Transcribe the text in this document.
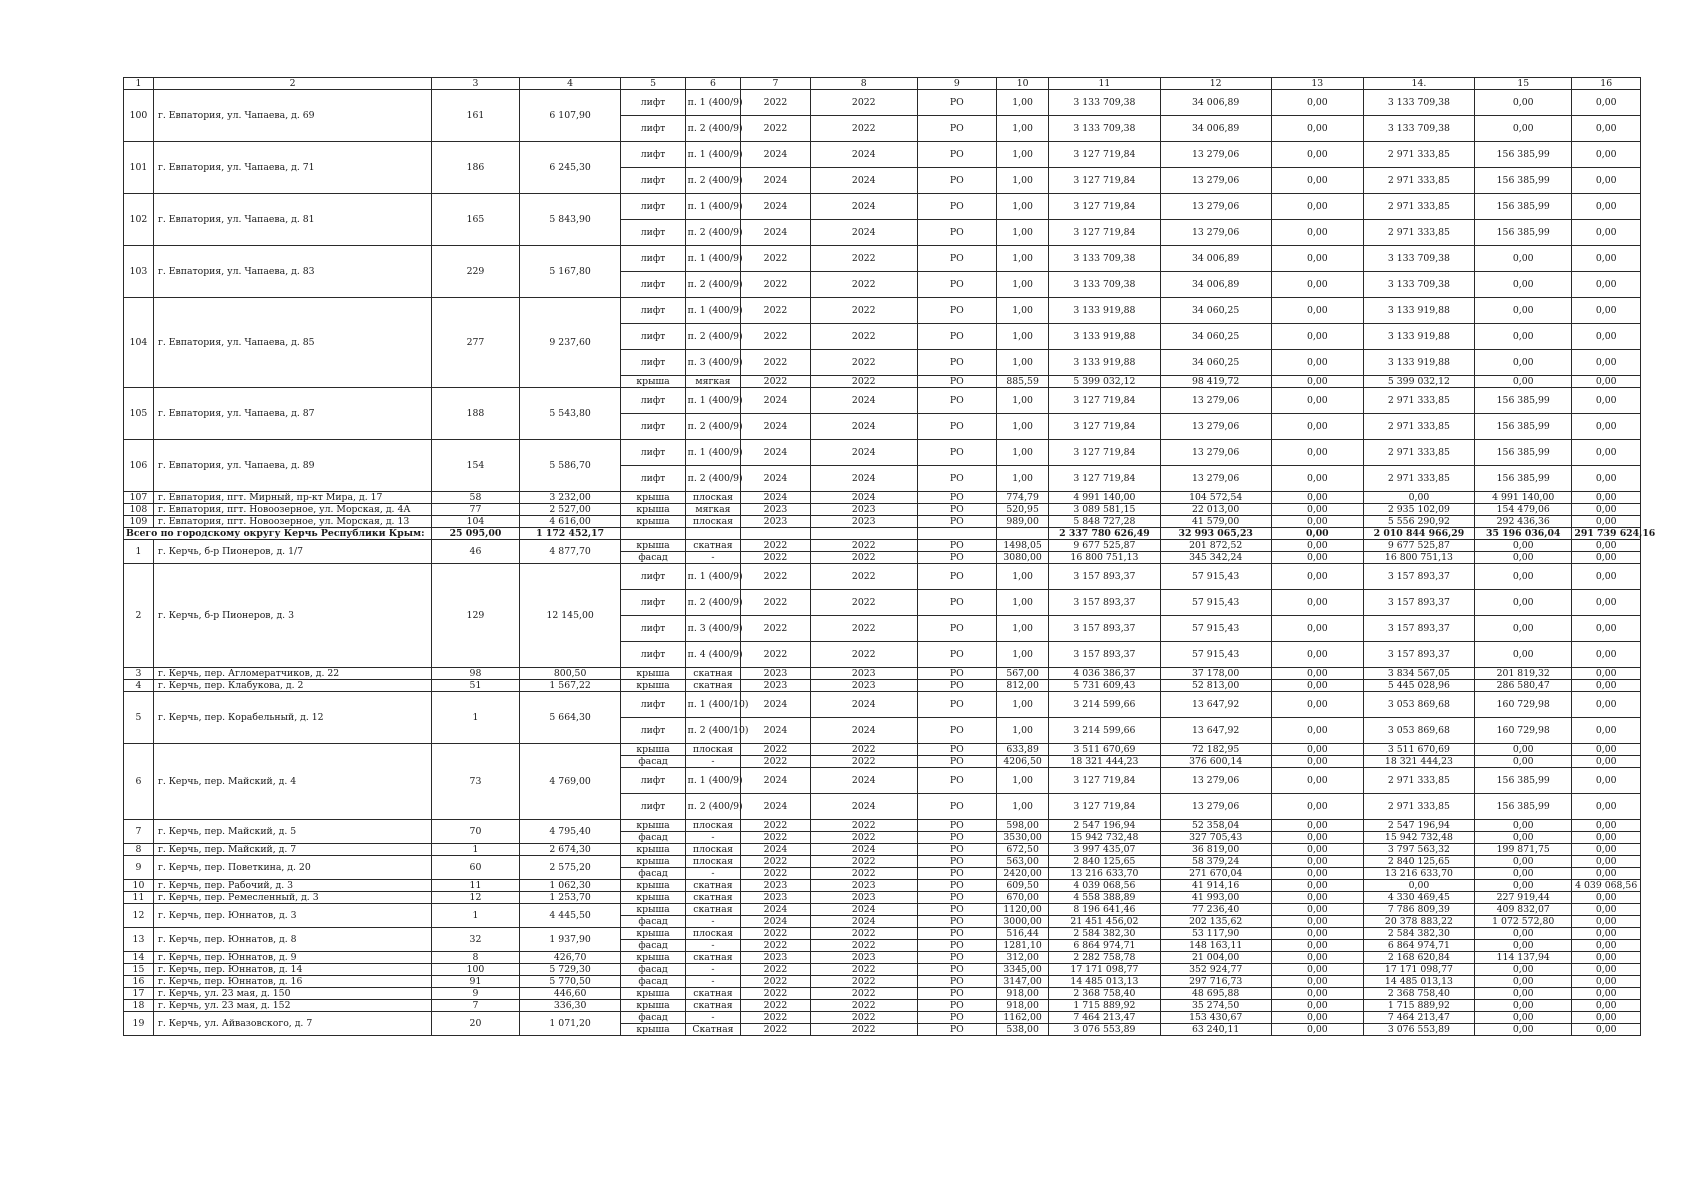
1	2	3	4	5	6	7	8	9	10	11	12	13	14.	15	16
100	г. Евпатория, ул. Чапаева, д. 69	161	6 107,90	лифт	п. 1 (400/9)	2022	2022	РО	1,00	3 133 709,38	34 006,89	0,00	3 133 709,38	0,00	0,00
				лифт	п. 2 (400/9)	2022	2022	РО	1,00	3 133 709,38	34 006,89	0,00	3 133 709,38	0,00	0,00
101	г. Евпатория, ул. Чапаева, д. 71	186	6 245,30	лифт	п. 1 (400/9)	2024	2024	РО	1,00	3 127 719,84	13 279,06	0,00	2 971 333,85	156 385,99	0,00
				лифт	п. 2 (400/9)	2024	2024	РО	1,00	3 127 719,84	13 279,06	0,00	2 971 333,85	156 385,99	0,00
102	г. Евпатория, ул. Чапаева, д. 81	165	5 843,90	лифт	п. 1 (400/9)	2024	2024	РО	1,00	3 127 719,84	13 279,06	0,00	2 971 333,85	156 385,99	0,00
				лифт	п. 2 (400/9)	2024	2024	РО	1,00	3 127 719,84	13 279,06	0,00	2 971 333,85	156 385,99	0,00
103	г. Евпатория, ул. Чапаева, д. 83	229	5 167,80	лифт	п. 1 (400/9)	2022	2022	РО	1,00	3 133 709,38	34 006,89	0,00	3 133 709,38	0,00	0,00
				лифт	п. 2 (400/9)	2022	2022	РО	1,00	3 133 709,38	34 006,89	0,00	3 133 709,38	0,00	0,00
104	г. Евпатория, ул. Чапаева, д. 85	277	9 237,60	лифт	п. 1 (400/9)	2022	2022	РО	1,00	3 133 919,88	34 060,25	0,00	3 133 919,88	0,00	0,00
				лифт	п. 2 (400/9)	2022	2022	РО	1,00	3 133 919,88	34 060,25	0,00	3 133 919,88	0,00	0,00
				лифт	п. 3 (400/9)	2022	2022	РО	1,00	3 133 919,88	34 060,25	0,00	3 133 919,88	0,00	0,00
				крыша	мягкая	2022	2022	РО	885,59	5 399 032,12	98 419,72	0,00	5 399 032,12	0,00	0,00
105	г. Евпатория, ул. Чапаева, д. 87	188	5 543,80	лифт	п. 1 (400/9)	2024	2024	РО	1,00	3 127 719,84	13 279,06	0,00	2 971 333,85	156 385,99	0,00
				лифт	п. 2 (400/9)	2024	2024	РО	1,00	3 127 719,84	13 279,06	0,00	2 971 333,85	156 385,99	0,00
106	г. Евпатория, ул. Чапаева, д. 89	154	5 586,70	лифт	п. 1 (400/9)	2024	2024	РО	1,00	3 127 719,84	13 279,06	0,00	2 971 333,85	156 385,99	0,00
				лифт	п. 2 (400/9)	2024	2024	РО	1,00	3 127 719,84	13 279,06	0,00	2 971 333,85	156 385,99	0,00
107	г. Евпатория, пгт. Мирный, пр-кт Мира, д. 17	58	3 232,00	крыша	плоская	2024	2024	РО	774,79	4 991 140,00	104 572,54	0,00	0,00	4 991 140,00	0,00
108	г. Евпатория, пгт. Новоозерное, ул. Морская, д. 4А	77	2 527,00	крыша	мягкая	2023	2023	РО	520,95	3 089 581,15	22 013,00	0,00	2 935 102,09	154 479,06	0,00
109	г. Евпатория, пгт. Новоозерное, ул. Морская, д. 13	104	4 616,00	крыша	плоская	2023	2023	РО	989,00	5 848 727,28	41 579,00	0,00	5 556 290,92	292 436,36	0,00
Всего по городскому округу Керчь Республики Крым:		25 095,00	1 172 452,17							2 337 780 626,49	32 993 065,23	0,00	2 010 844 966,29	35 196 036,04	291 739 624,16
1	г. Керчь, б-р Пионеров, д. 1/7	46	4 877,70	крыша	скатная	2022	2022	РО	1498,05	9 677 525,87	201 872,52	0,00	9 677 525,87	0,00	0,00
				фасад	-	2022	2022	РО	3080,00	16 800 751,13	345 342,24	0,00	16 800 751,13	0,00	0,00
2	г. Керчь, б-р Пионеров, д. 3	129	12 145,00	лифт	п. 1 (400/9)	2022	2022	РО	1,00	3 157 893,37	57 915,43	0,00	3 157 893,37	0,00	0,00
				лифт	п. 2 (400/9)	2022	2022	РО	1,00	3 157 893,37	57 915,43	0,00	3 157 893,37	0,00	0,00
				лифт	п. 3 (400/9)	2022	2022	РО	1,00	3 157 893,37	57 915,43	0,00	3 157 893,37	0,00	0,00
				лифт	п. 4 (400/9)	2022	2022	РО	1,00	3 157 893,37	57 915,43	0,00	3 157 893,37	0,00	0,00
3	г. Керчь, пер. Агломератчиков, д. 22	98	800,50	крыша	скатная	2023	2023	РО	567,00	4 036 386,37	37 178,00	0,00	3 834 567,05	201 819,32	0,00
4	г. Керчь, пер. Клабукова, д. 2	51	1 567,22	крыша	скатная	2023	2023	РО	812,00	5 731 609,43	52 813,00	0,00	5 445 028,96	286 580,47	0,00
5	г. Керчь, пер. Корабельный, д. 12	1	5 664,30	лифт	п. 1 (400/10)	2024	2024	РО	1,00	3 214 599,66	13 647,92	0,00	3 053 869,68	160 729,98	0,00
				лифт	п. 2 (400/10)	2024	2024	РО	1,00	3 214 599,66	13 647,92	0,00	3 053 869,68	160 729,98	0,00
6	г. Керчь, пер. Майский, д. 4	73	4 769,00	крыша	плоская	2022	2022	РО	633,89	3 511 670,69	72 182,95	0,00	3 511 670,69	0,00	0,00
				фасад	-	2022	2022	РО	4206,50	18 321 444,23	376 600,14	0,00	18 321 444,23	0,00	0,00
				лифт	п. 1 (400/9)	2024	2024	РО	1,00	3 127 719,84	13 279,06	0,00	2 971 333,85	156 385,99	0,00
				лифт	п. 2 (400/9)	2024	2024	РО	1,00	3 127 719,84	13 279,06	0,00	2 971 333,85	156 385,99	0,00
7	г. Керчь, пер. Майский, д. 5	70	4 795,40	крыша	плоская	2022	2022	РО	598,00	2 547 196,94	52 358,04	0,00	2 547 196,94	0,00	0,00
				фасад	-	2022	2022	РО	3530,00	15 942 732,48	327 705,43	0,00	15 942 732,48	0,00	0,00
8	г. Керчь, пер. Майский, д. 7	1	2 674,30	крыша	плоская	2024	2024	РО	672,50	3 997 435,07	36 819,00	0,00	3 797 563,32	199 871,75	0,00
9	г. Керчь, пер. Поветкина, д. 20	60	2 575,20	крыша	плоская	2022	2022	РО	563,00	2 840 125,65	58 379,24	0,00	2 840 125,65	0,00	0,00
				фасад	-	2022	2022	РО	2420,00	13 216 633,70	271 670,04	0,00	13 216 633,70	0,00	0,00
10	г. Керчь, пер. Рабочий, д. 3	11	1 062,30	крыша	скатная	2023	2023	РО	609,50	4 039 068,56	41 914,16	0,00	0,00	0,00	4 039 068,56
11	г. Керчь, пер. Ремесленный, д. 3	12	1 253,70	крыша	скатная	2023	2023	РО	670,00	4 558 388,89	41 993,00	0,00	4 330 469,45	227 919,44	0,00
12	г. Керчь, пер. Юннатов, д. 3	1	4 445,50	крыша	скатная	2024	2024	РО	1120,00	8 196 641,46	77 236,40	0,00	7 786 809,39	409 832,07	0,00
				фасад	-	2024	2024	РО	3000,00	21 451 456,02	202 135,62	0,00	20 378 883,22	1 072 572,80	0,00
13	г. Керчь, пер. Юннатов, д. 8	32	1 937,90	крыша	плоская	2022	2022	РО	516,44	2 584 382,30	53 117,90	0,00	2 584 382,30	0,00	0,00
				фасад	-	2022	2022	РО	1281,10	6 864 974,71	148 163,11	0,00	6 864 974,71	0,00	0,00
14	г. Керчь, пер. Юннатов, д. 9	8	426,70	крыша	скатная	2023	2023	РО	312,00	2 282 758,78	21 004,00	0,00	2 168 620,84	114 137,94	0,00
15	г. Керчь, пер. Юннатов, д. 14	100	5 729,30	фасад	-	2022	2022	РО	3345,00	17 171 098,77	352 924,77	0,00	17 171 098,77	0,00	0,00
16	г. Керчь, пер. Юннатов, д. 16	91	5 770,50	фасад	-	2022	2022	РО	3147,00	14 485 013,13	297 716,73	0,00	14 485 013,13	0,00	0,00
17	г. Керчь, ул. 23 мая, д. 150	9	446,60	крыша	скатная	2022	2022	РО	918,00	2 368 758,40	48 695,88	0,00	2 368 758,40	0,00	0,00
18	г. Керчь, ул. 23 мая, д. 152	7	336,30	крыша	скатная	2022	2022	РО	918,00	1 715 889,92	35 274,50	0,00	1 715 889,92	0,00	0,00
19	г. Керчь, ул. Айвазовского, д. 7	20	1 071,20	фасад	-	2022	2022	РО	1162,00	7 464 213,47	153 430,67	0,00	7 464 213,47	0,00	0,00
				крыша	Скатная	2022	2022	РО	538,00	3 076 553,89	63 240,11	0,00	3 076 553,89	0,00	0,00
